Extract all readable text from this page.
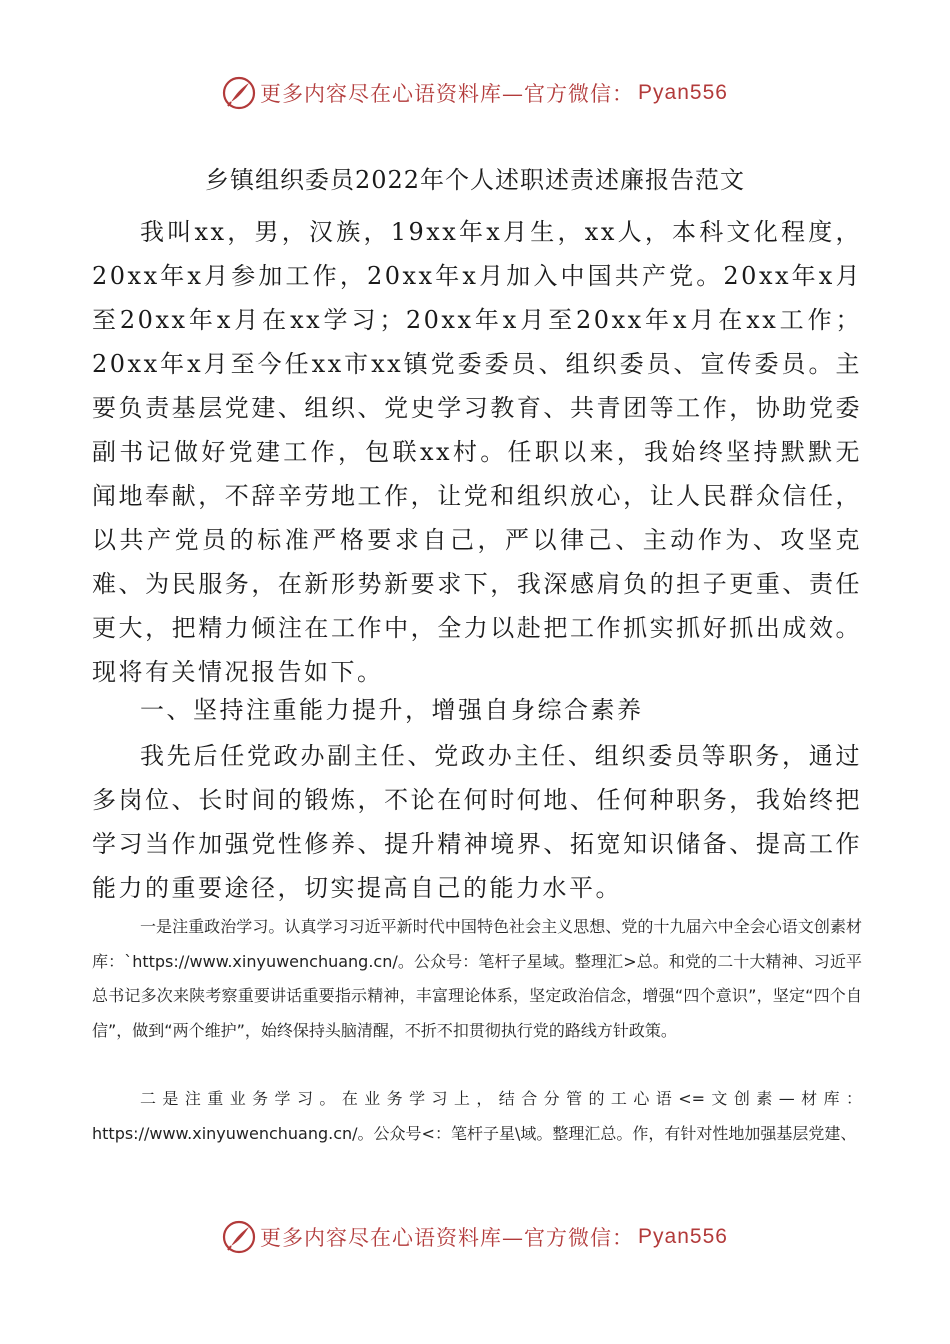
更多内容尽在心语资料库—官方微信： Pyan556
乡镇组织委员2022年个人述职述责述廉报告范文
我叫xx，男，汉族，19xx年x月生，xx人，本科文化程度，20xx年x月参加工作，20xx年x月加入中国共产党。20xx年x月至20xx年x月在xx学习；20xx年x月至20xx年x月在xx工作；20xx年x月至今任xx市xx镇党委委员、组织委员、宣传委员。主要负责基层党建、组织、党史学习教育、共青团等工作，协助党委副书记做好党建工作，包联xx村。任职以来，我始终坚持默默无闻地奉献，不辞辛劳地工作，让党和组织放心，让人民群众信任，以共产党员的标准严格要求自己，严以律己、主动作为、攻坚克难、为民服务，在新形势新要求下，我深感肩负的担子更重、责任更大，把精力倾注在工作中，全力以赴把工作抓实抓好抓出成效。现将有关情况报告如下。
一、坚持注重能力提升，增强自身综合素养
我先后任党政办副主任、党政办主任、组织委员等职务，通过多岗位、长时间的锻炼，不论在何时何地、任何种职务，我始终把学习当作加强党性修养、提升精神境界、拓宽知识储备、提高工作能力的重要途径，切实提高自己的能力水平。
一是注重政治学习。认真学习习近平新时代中国特色社会主义思想、党的十九届六中全会心语文创素材库：`https://www.xinyuwenchuang.cn/。公众号：笔杆子星域。整理汇>总。和党的二十大精神、习近平总书记多次来陕考察重要讲话重要指示精神，丰富理论体系，坚定政治信念，增强“四个意识”，坚定“四个自信”，做到“两个维护”，始终保持头脑清醒，不折不扣贯彻执行党的路线方针政策。
二是注重业务学习。在业务学习上，结合分管的工心语<=文创素—材库：https://www.xinyuwenchuang.cn/。公众号<：笔杆子星\域。整理汇总。作，有针对性地加强基层党建、
更多内容尽在心语资料库—官方微信： Pyan556
